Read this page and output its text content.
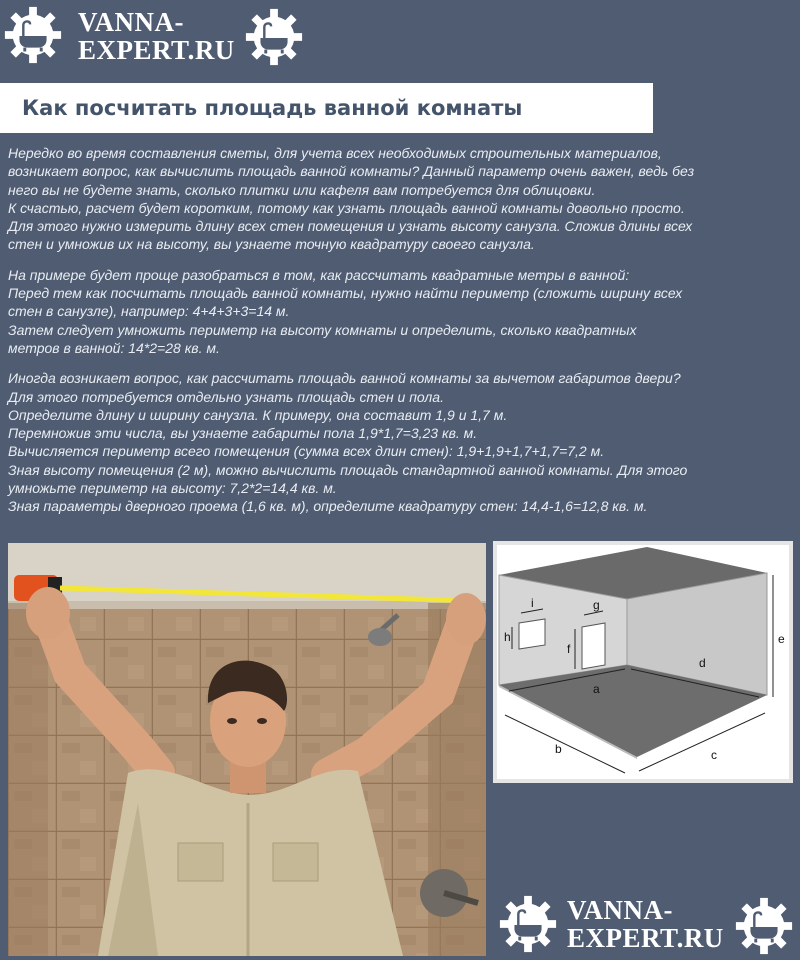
VANNA-
EXPERT.RU
Как посчитать площадь ванной комнаты

Нередко во время составления сметы, для учета всех необходимых строительных материалов,
возникает вопрос, как вычислить площадь ванной комнаты? Данный параметр очень важен, ведь без
него вы не будете знать, сколько плитки или кафеля вам потребуется для облицовки.
К счастью, расчет будет коротким, потому как узнать площадь ванной комнаты довольно просто.
Для этого нужно измерить длину всех стен помещения и узнать высоту санузла. Сложив длины всех
стен и умножив их на высоту, вы узнаете точную квадратуру своего санузла.

На примере будет проще разобраться в том, как рассчитать квадратные метры в ванной:
Перед тем как посчитать площадь ванной комнаты, нужно найти периметр (сложить ширину всех
стен в санузле), например: 4+4+3+3=14 м.
Затем следует умножить периметр на высоту комнаты и определить, сколько квадратных
метров в ванной: 14*2=28 кв. м.

Иногда возникает вопрос, как рассчитать площадь ванной комнаты за вычетом габаритов двери?
Для этого потребуется отдельно узнать площадь стен и пола.
Определите длину и ширину санузла. К примеру, она составит 1,9 и 1,7 м.
Перемножив эти числа, вы узнаете габариты пола 1,9*1,7=3,23 кв. м.
Вычисляется периметр всего помещения (сумма всех длин стен): 1,9+1,9+1,7+1,7=7,2 м.
Зная высоту помещения (2 м), можно вычислить площадь стандартной ванной комнаты. Для этого
умножьте периметр на высоту: 7,2*2=14,4 кв. м.
Зная параметры дверного проема (1,6 кв. м), определите квадратуру стен: 14,4-1,6=12,8 кв. м.

b	c
e
a
d
f
g
h
i
VANNA-
EXPERT.RU
